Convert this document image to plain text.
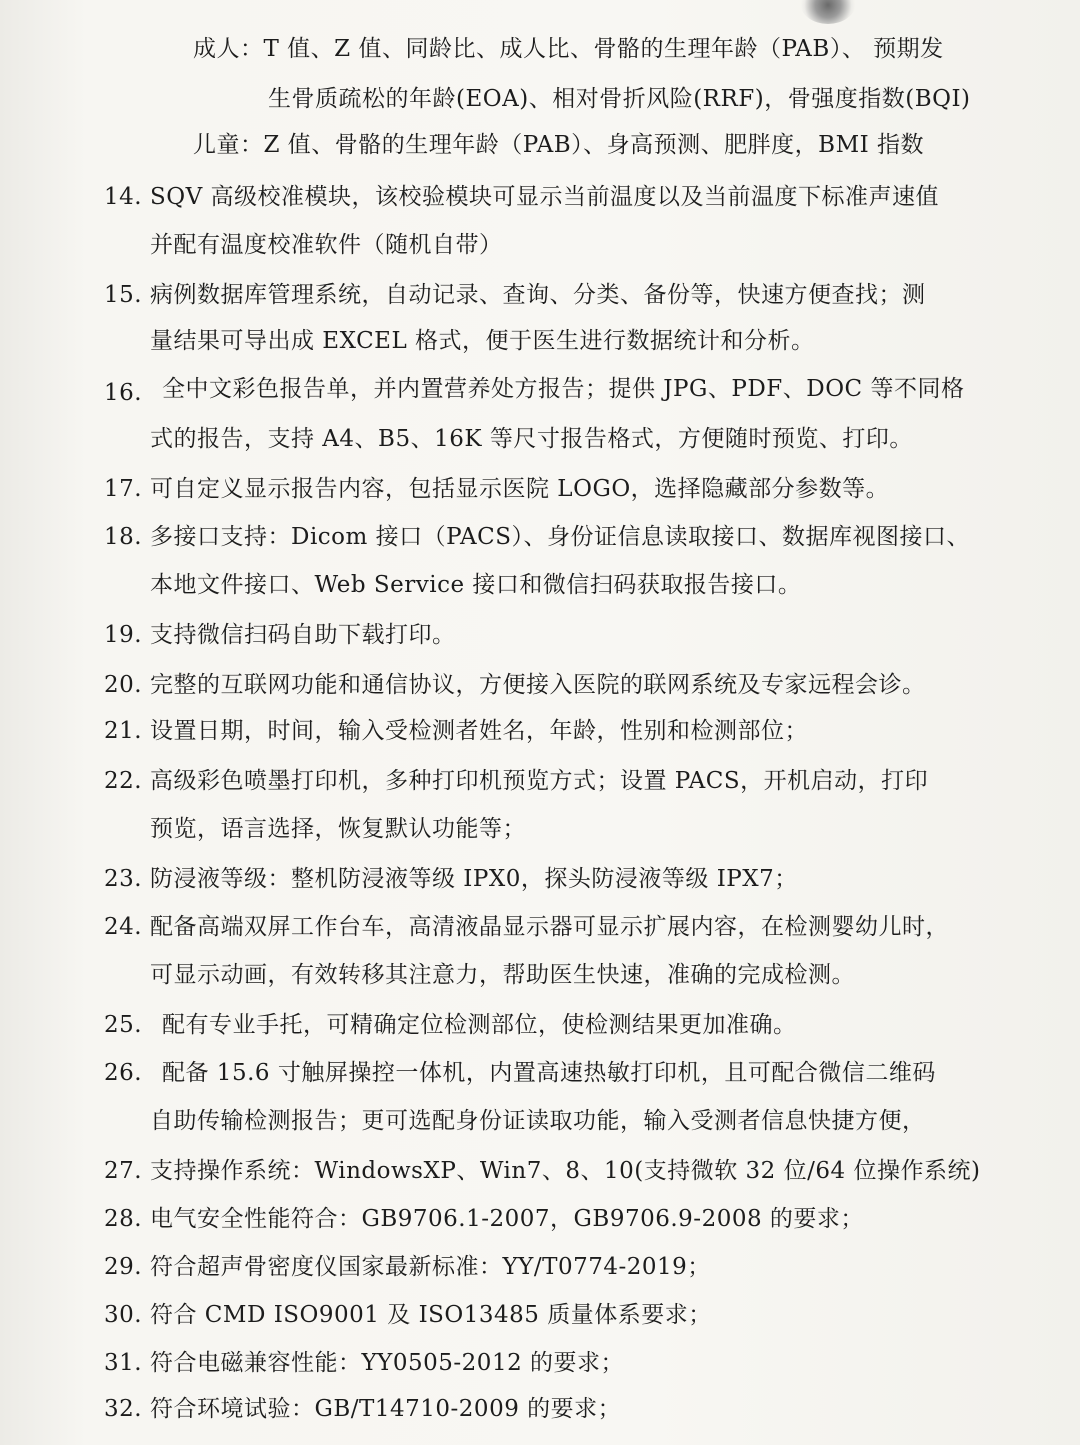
成人：T 值、Z 值、同龄比、成人比、骨骼的生理年龄（PAB）、 预期发
生骨质疏松的年龄(EOA)、相对骨折风险(RRF)，骨强度指数(BQI)
儿童：Z 值、骨骼的生理年龄（PAB）、身高预测、肥胖度，BMI 指数
14. SQV 高级校准模块，该校验模块可显示当前温度以及当前温度下标准声速值
并配有温度校准软件（随机自带）
15. 病例数据库管理系统，自动记录、查询、分类、备份等，快速方便查找；测
量结果可导出成 EXCEL 格式，便于医生进行数据统计和分析。
16. 全中文彩色报告单，并内置营养处方报告；提供 JPG、PDF、DOC 等不同格
式的报告，支持 A4、B5、16K 等尺寸报告格式，方便随时预览、打印。
17. 可自定义显示报告内容，包括显示医院 LOGO，选择隐藏部分参数等。
18. 多接口支持：Dicom 接口（PACS）、身份证信息读取接口、数据库视图接口、
本地文件接口、Web Service 接口和微信扫码获取报告接口。
19. 支持微信扫码自助下载打印。
20. 完整的互联网功能和通信协议，方便接入医院的联网系统及专家远程会诊。
21. 设置日期，时间，输入受检测者姓名，年龄，性别和检测部位；
22. 高级彩色喷墨打印机，多种打印机预览方式；设置 PACS，开机启动，打印
预览，语言选择，恢复默认功能等；
23. 防浸液等级：整机防浸液等级 IPX0，探头防浸液等级 IPX7；
24. 配备高端双屏工作台车，高清液晶显示器可显示扩展内容，在检测婴幼儿时，
可显示动画，有效转移其注意力，帮助医生快速，准确的完成检测。
25. 配有专业手托，可精确定位检测部位，使检测结果更加准确。
26. 配备 15.6 寸触屏操控一体机，内置高速热敏打印机，且可配合微信二维码
自助传输检测报告；更可选配身份证读取功能，输入受测者信息快捷方便，
27. 支持操作系统：WindowsXP、Win7、8、10(支持微软 32 位/64 位操作系统)
28. 电气安全性能符合：GB9706.1-2007，GB9706.9-2008 的要求；
29. 符合超声骨密度仪国家最新标准：YY/T0774-2019；
30. 符合 CMD ISO9001 及 ISO13485 质量体系要求；
31. 符合电磁兼容性能：YY0505-2012 的要求；
32. 符合环境试验：GB/T14710-2009 的要求；
